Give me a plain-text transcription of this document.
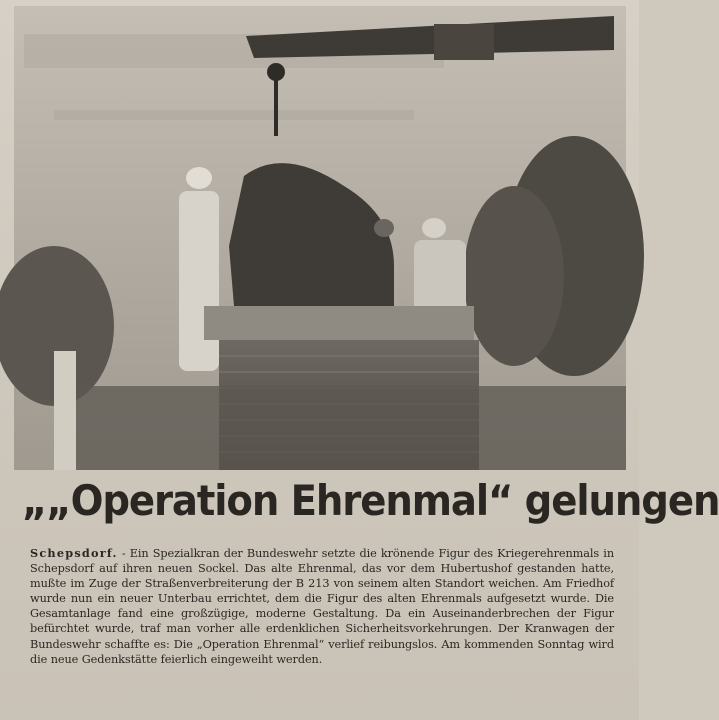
„„Operation Ehrenmal“ gelungen

Schepsdorf. - Ein Spezialkran der Bundeswehr setzte die krönende Figur des Kriegerehrenmals in Schepsdorf auf ihren neuen Sockel. Das alte Ehrenmal, das vor dem Hubertushof gestanden hatte, mußte im Zuge der Straßenverbreiterung der B 213 von seinem alten Standort weichen. Am Friedhof wurde nun ein neuer Unterbau errichtet, dem die Figur des alten Ehrenmals aufgesetzt wurde. Die Gesamtanlage fand eine großzügige, moderne Gestaltung. Da ein Auseinanderbrechen der Figur befürchtet wurde, traf man vorher alle erdenklichen Sicherheitsvorkehrungen. Der Kranwagen der Bundeswehr schaffte es: Die „Operation Ehrenmal“ verlief reibungslos. Am kommenden Sonntag wird die neue Gedenkstätte feierlich eingeweiht werden.
